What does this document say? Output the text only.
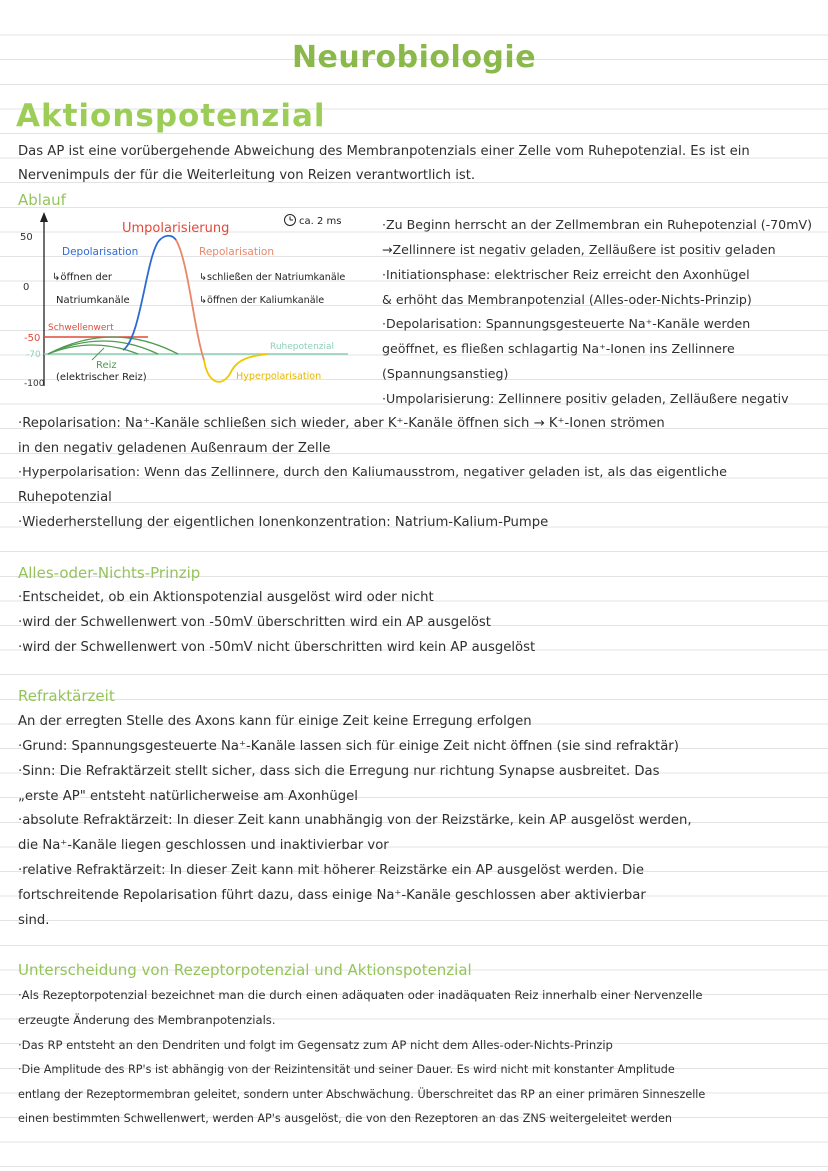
Neurobiologie
Aktionspotenzial
Das AP ist eine vorübergehende Abweichung des Membranpotenzials einer Zelle vom Ruhepotenzial. Es ist ein
Nervenimpuls der für die Weiterleitung von Reizen verantwortlich ist.
Ablauf
50
0
-50
-70
-100
Umpolarisierung	ca. 2 ms
Depolarisation
↳öffnen der
Natriumkanäle
Repolarisation
↳schließen der Natriumkanäle
↳öffnen der Kaliumkanäle
Schwellenwert
Ruhepotenzial
Reiz
(elektrischer Reiz)	Hyperpolarisation
·Zu Beginn herrscht an der Zellmembran ein Ruhepotenzial (-70mV)
→Zellinnere ist negativ geladen, Zelläußere ist positiv geladen
·Initiationsphase: elektrischer Reiz erreicht den Axonhügel
& erhöht das Membranpotenzial (Alles-oder-Nichts-Prinzip)
·Depolarisation: Spannungsgesteuerte Na⁺-Kanäle werden
geöffnet, es fließen schlagartig Na⁺-Ionen ins Zellinnere
(Spannungsanstieg)
·Umpolarisierung: Zellinnere positiv geladen, Zelläußere negativ
·Repolarisation: Na⁺-Kanäle schließen sich wieder, aber K⁺-Kanäle öffnen sich → K⁺-Ionen strömen
in den negativ geladenen Außenraum der Zelle
·Hyperpolarisation: Wenn das Zellinnere, durch den Kaliumausstrom, negativer geladen ist, als das eigentliche
Ruhepotenzial
·Wiederherstellung der eigentlichen Ionenkonzentration: Natrium-Kalium-Pumpe
Alles-oder-Nichts-Prinzip
·Entscheidet, ob ein Aktionspotenzial ausgelöst wird oder nicht
·wird der Schwellenwert von -50mV überschritten wird ein AP ausgelöst
·wird der Schwellenwert von -50mV nicht überschritten wird kein AP ausgelöst
Refraktärzeit
An der erregten Stelle des Axons kann für einige Zeit keine Erregung erfolgen
·Grund: Spannungsgesteuerte Na⁺-Kanäle lassen sich für einige Zeit nicht öffnen (sie sind refraktär)
·Sinn: Die Refraktärzeit stellt sicher, dass sich die Erregung nur richtung Synapse ausbreitet. Das
„erste AP" entsteht natürlicherweise am Axonhügel
·absolute Refraktärzeit: In dieser Zeit kann unabhängig von der Reizstärke, kein AP ausgelöst werden,
die Na⁺-Kanäle liegen geschlossen und inaktivierbar vor
·relative Refraktärzeit: In dieser Zeit kann mit höherer Reizstärke ein AP ausgelöst werden. Die
fortschreitende Repolarisation führt dazu, dass einige Na⁺-Kanäle geschlossen aber aktivierbar
sind.
Unterscheidung von Rezeptorpotenzial und Aktionspotenzial
·Als Rezeptorpotenzial bezeichnet man die durch einen adäquaten oder inadäquaten Reiz innerhalb einer Nervenzelle
erzeugte Änderung des Membranpotenzials.
·Das RP entsteht an den Dendriten und folgt im Gegensatz zum AP nicht dem Alles-oder-Nichts-Prinzip
·Die Amplitude des RP's ist abhängig von der Reizintensität und seiner Dauer. Es wird nicht mit konstanter Amplitude
entlang der Rezeptormembran geleitet, sondern unter Abschwächung. Überschreitet das RP an einer primären Sinneszelle
einen bestimmten Schwellenwert, werden AP's ausgelöst, die von den Rezeptoren an das ZNS weitergeleitet werden
